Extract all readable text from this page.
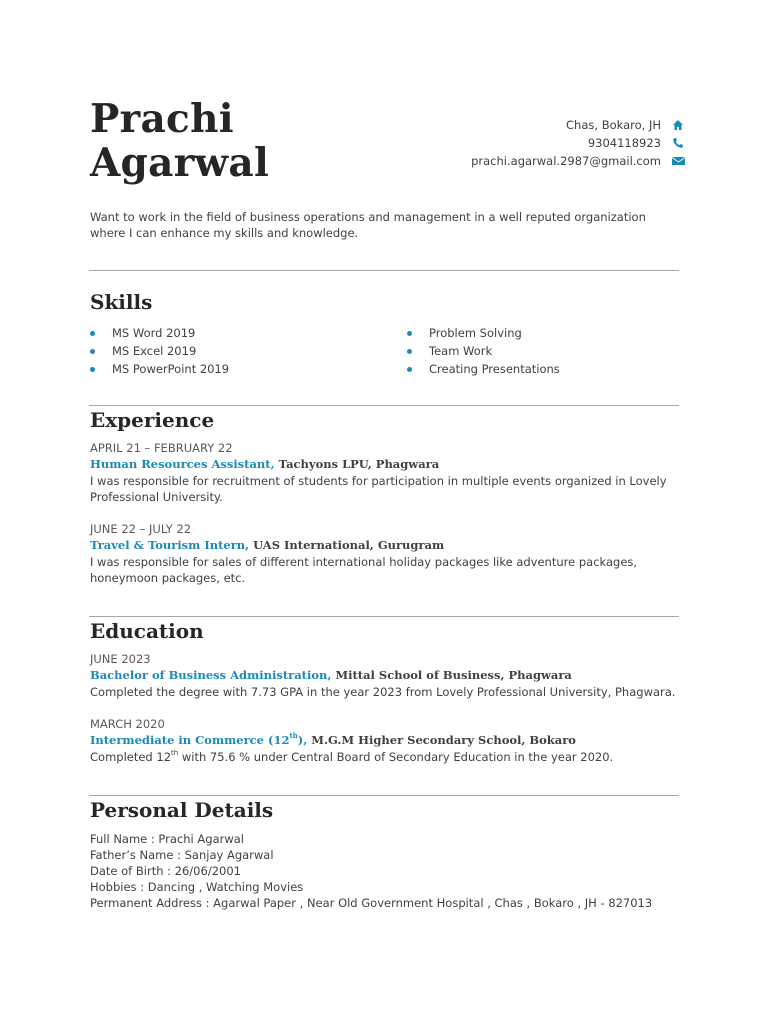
Prachi
Agarwal
Chas, Bokaro, JH
9304118923
prachi.agarwal.2987@gmail.com

Want to work in the field of business operations and management in a well reputed organization where I can enhance my skills and knowledge.

Skills
MS Word 2019
MS Excel 2019
MS PowerPoint 2019
Problem Solving
Team Work
Creating Presentations
Experience
APRIL 21 – FEBRUARY 22
Human Resources Assistant, Tachyons LPU, Phagwara
I was responsible for recruitment of students for participation in multiple events organized in Lovely Professional University.
JUNE 22 – JULY 22
Travel & Tourism Intern, UAS International, Gurugram
I was responsible for sales of different international holiday packages like adventure packages, honeymoon packages, etc.
Education
JUNE 2023
Bachelor of Business Administration, Mittal School of Business, Phagwara
Completed the degree with 7.73 GPA in the year 2023 from Lovely Professional University, Phagwara.
MARCH 2020
Intermediate in Commerce (12th), M.G.M Higher Secondary School, Bokaro
Completed 12th with 75.6 % under Central Board of Secondary Education in the year 2020.
Personal Details
Full Name : Prachi Agarwal
Father’s Name : Sanjay Agarwal
Date of Birth : 26/06/2001
Hobbies : Dancing , Watching Movies
Permanent Address : Agarwal Paper , Near Old Government Hospital , Chas , Bokaro , JH - 827013
